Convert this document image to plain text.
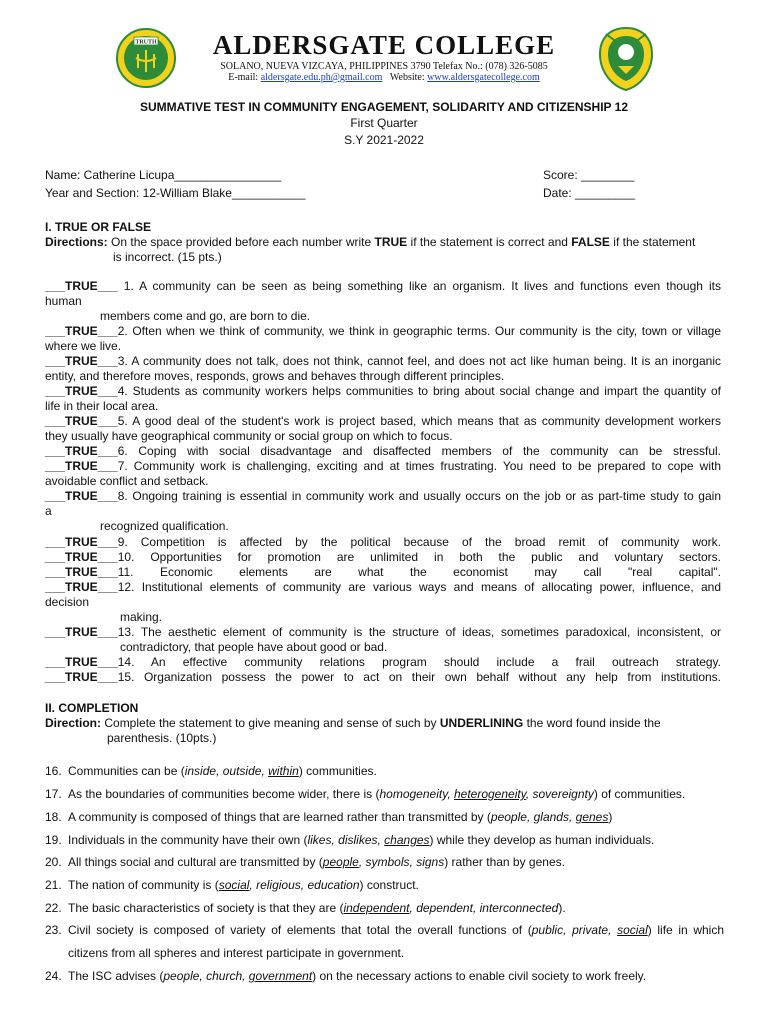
TRUTH	ALDERSGATE COLLEGE
SOLANO, NUEVA VIZCAYA, PHILIPPINES 3790 Telefax No.: (078) 326-5085
E-mail: aldersgate.edu.ph@gmail.com Website: www.aldersgatecollege.com
SUMMATIVE TEST IN COMMUNITY ENGAGEMENT, SOLIDARITY AND CITIZENSHIP 12
First Quarter
S.Y 2021-2022
Name: Catherine Licupa________________
Year and Section: 12-William Blake___________
Score: ________
Date: _________
I. TRUE OR FALSE
Directions: On the space provided before each number write TRUE if the statement is correct and FALSE if the statement
is incorrect. (15 pts.)
___TRUE___ 1. A community can be seen as being something like an organism. It lives and functions even though its
human
members come and go, are born to die.
___TRUE___2. Often when we think of community, we think in geographic terms. Our community is the city, town or village
where we live.
___TRUE___3. A community does not talk, does not think, cannot feel, and does not act like human being. It is an inorganic
entity, and therefore moves, responds, grows and behaves through different principles.
___TRUE___4. Students as community workers helps communities to bring about social change and impart the quantity of
life in their local area.
___TRUE___5. A good deal of the student's work is project based, which means that as community development workers
they usually have geographical community or social group on which to focus.
___TRUE___6. Coping with social disadvantage and disaffected members of the community can be stressful.
___TRUE___7. Community work is challenging, exciting and at times frustrating. You need to be prepared to cope with
avoidable conflict and setback.
___TRUE___8. Ongoing training is essential in community work and usually occurs on the job or as part-time study to gain
a
recognized qualification.
___TRUE___9. Competition is affected by the political because of the broad remit of community work.
___TRUE___10. Opportunities for promotion are unlimited in both the public and voluntary sectors.
___TRUE___11. Economic elements are what the economist may call "real capital".
___TRUE___12. Institutional elements of community are various ways and means of allocating power, influence, and
decision
making.
___TRUE___13. The aesthetic element of community is the structure of ideas, sometimes paradoxical, inconsistent, or
contradictory, that people have about good or bad.
___TRUE___14. An effective community relations program should include a frail outreach strategy.
___TRUE___15. Organization possess the power to act on their own behalf without any help from institutions.
II. COMPLETION
Direction: Complete the statement to give meaning and sense of such by UNDERLINING the word found inside the
parenthesis. (10pts.)
16. Communities can be (inside, outside, within) communities.
17. As the boundaries of communities become wider, there is (homogeneity, heterogeneity, sovereignty) of communities.
18. A community is composed of things that are learned rather than transmitted by (people, glands, genes)
19. Individuals in the community have their own (likes, dislikes, changes) while they develop as human individuals.
20. All things social and cultural are transmitted by (people, symbols, signs) rather than by genes.
21. The nation of community is (social, religious, education) construct.
22. The basic characteristics of society is that they are (independent, dependent, interconnected).
23. Civil society is composed of variety of elements that total the overall functions of (public, private, social) life in which
citizens from all spheres and interest participate in government.
24. The ISC advises (people, church, government) on the necessary actions to enable civil society to work freely.
